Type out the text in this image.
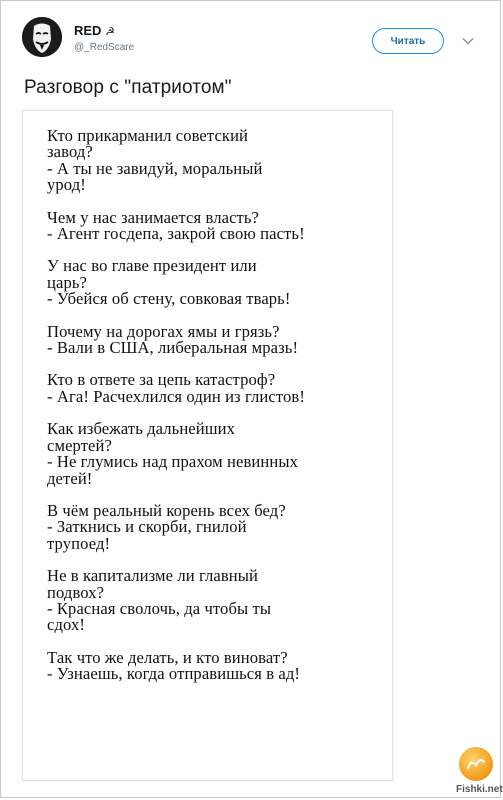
RED ☭
@_RedScare
Читать
Разговор с "патриотом"
Кто прикарманил советский
завод?
- А ты не завидуй, моральный
урод!
Чем у нас занимается власть?
- Агент госдепа, закрой свою пасть!
У нас во главе президент или
царь?
- Убейся об стену, совковая тварь!
Почему на дорогах ямы и грязь?
- Вали в США, либеральная мразь!
Кто в ответе за цепь катастроф?
- Ага! Расчехлился один из глистов!
Как избежать дальнейших
смертей?
- Не глумись над прахом невинных
детей!
В чём реальный корень всех бед?
- Заткнись и скорби, гнилой
трупоед!
Не в капитализме ли главный
подвох?
- Красная сволочь, да чтобы ты
сдох!
Так что же делать, и кто виноват?
- Узнаешь, когда отправишься в ад!
Fishki.net
